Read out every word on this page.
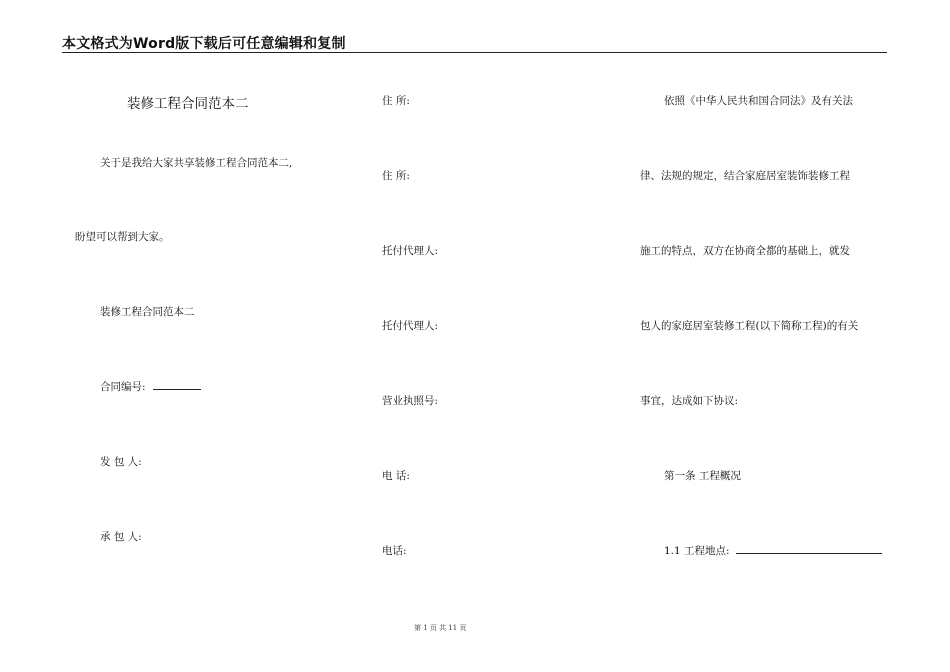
本文格式为Word版下载后可任意编辑和复制
装修工程合同范本二
关于是我给大家共享装修工程合同范本二,
盼望可以帮到大家。
装修工程合同范本二
合同编号:
发 包 人:
承 包 人:
住 所:
住 所:
托付代理人:
托付代理人:
营业执照号:
电 话:
电话:
依照《中华人民共和国合同法》及有关法
律、法规的规定，结合家庭居室装饰装修工程
施工的特点，双方在协商全都的基础上，就发
包人的家庭居室装修工程(以下简称工程)的有关
事宜，达成如下协议:
第一条 工程概况
1.1 工程地点:
第 1 页 共 11 页
